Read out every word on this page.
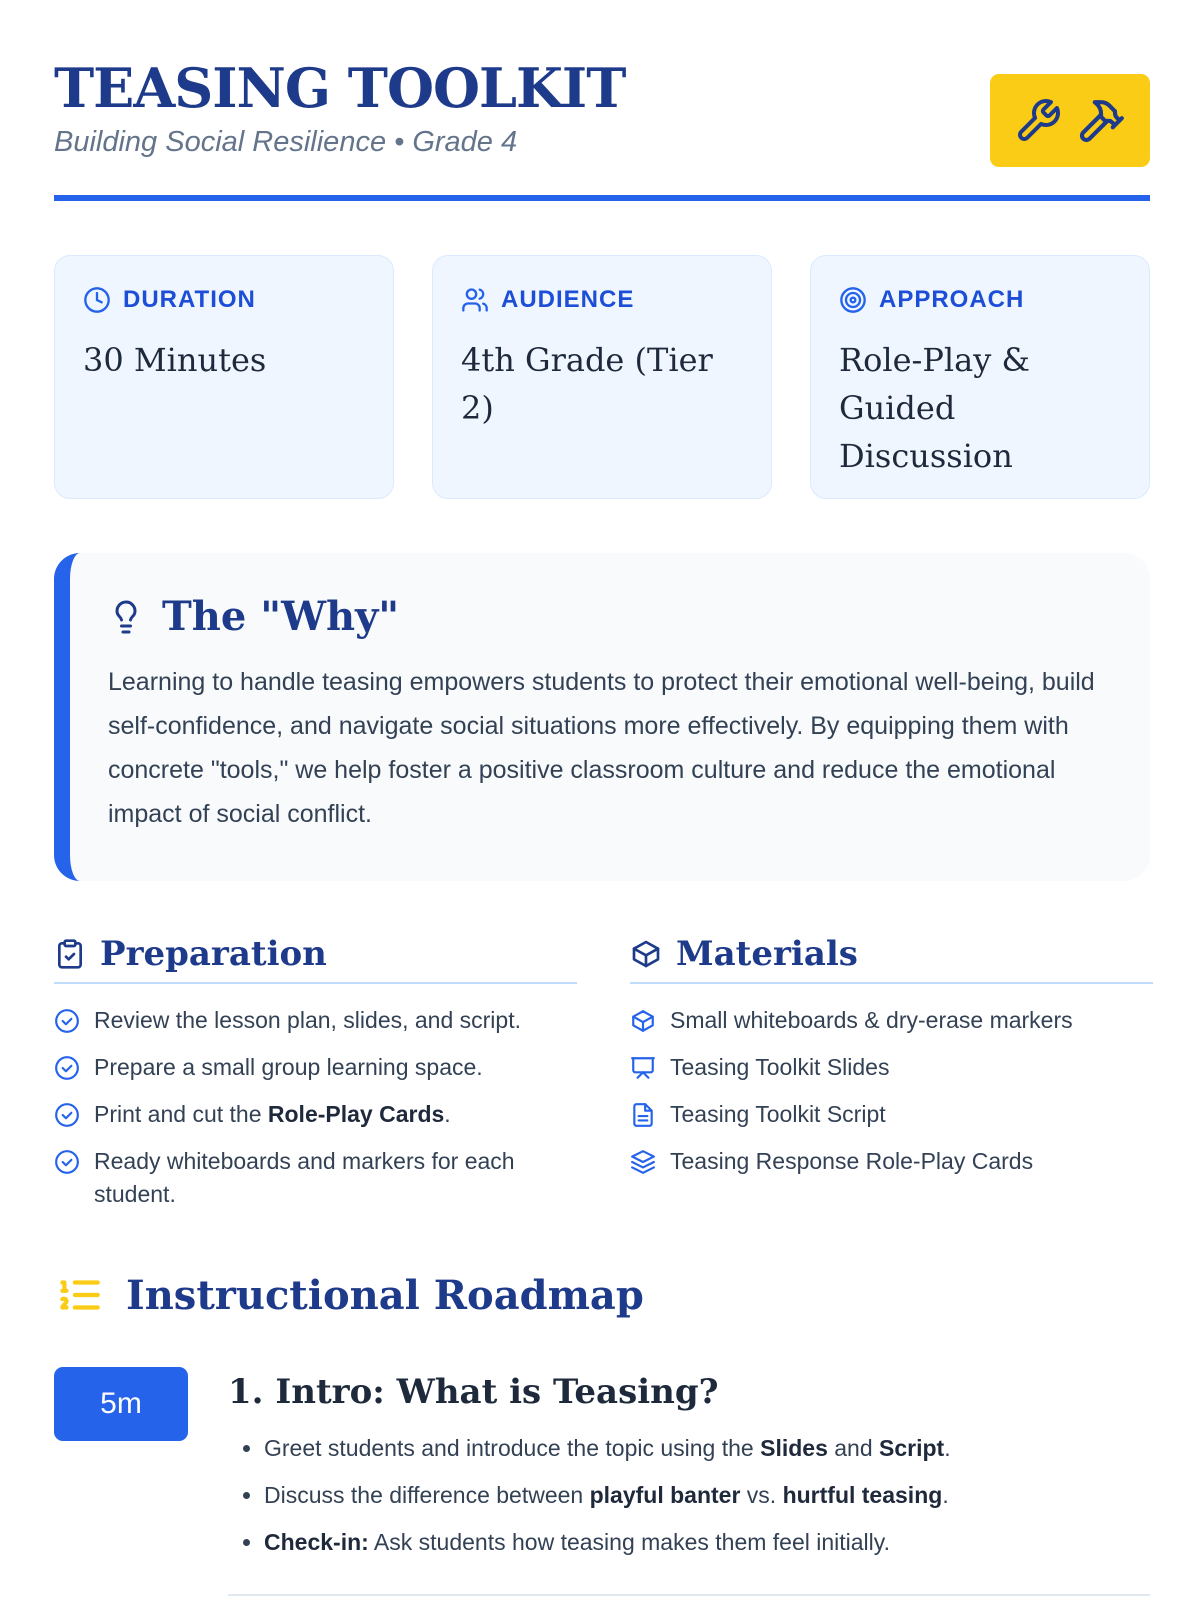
TEASING TOOLKIT
Building Social Resilience • Grade 4
DURATION
30 Minutes
AUDIENCE
4th Grade (Tier 2)
APPROACH
Role-Play & Guided Discussion
The "Why"

Learning to handle teasing empowers students to protect their emotional well-being, build self-confidence, and navigate social situations more effectively. By equipping them with concrete "tools," we help foster a positive classroom culture and reduce the emotional impact of social conflict.

Preparation
Review the lesson plan, slides, and script.
Prepare a small group learning space.
Print and cut the Role-Play Cards.
Ready whiteboards and markers for each student.
Materials
Small whiteboards & dry-erase markers
Teasing Toolkit Slides
Teasing Toolkit Script
Teasing Response Role-Play Cards
Instructional Roadmap
5m	1. Intro: What is Teasing?
• Greet students and introduce the topic using the Slides and Script.
• Discuss the difference between playful banter vs. hurtful teasing.
• Check-in: Ask students how teasing makes them feel initially.
